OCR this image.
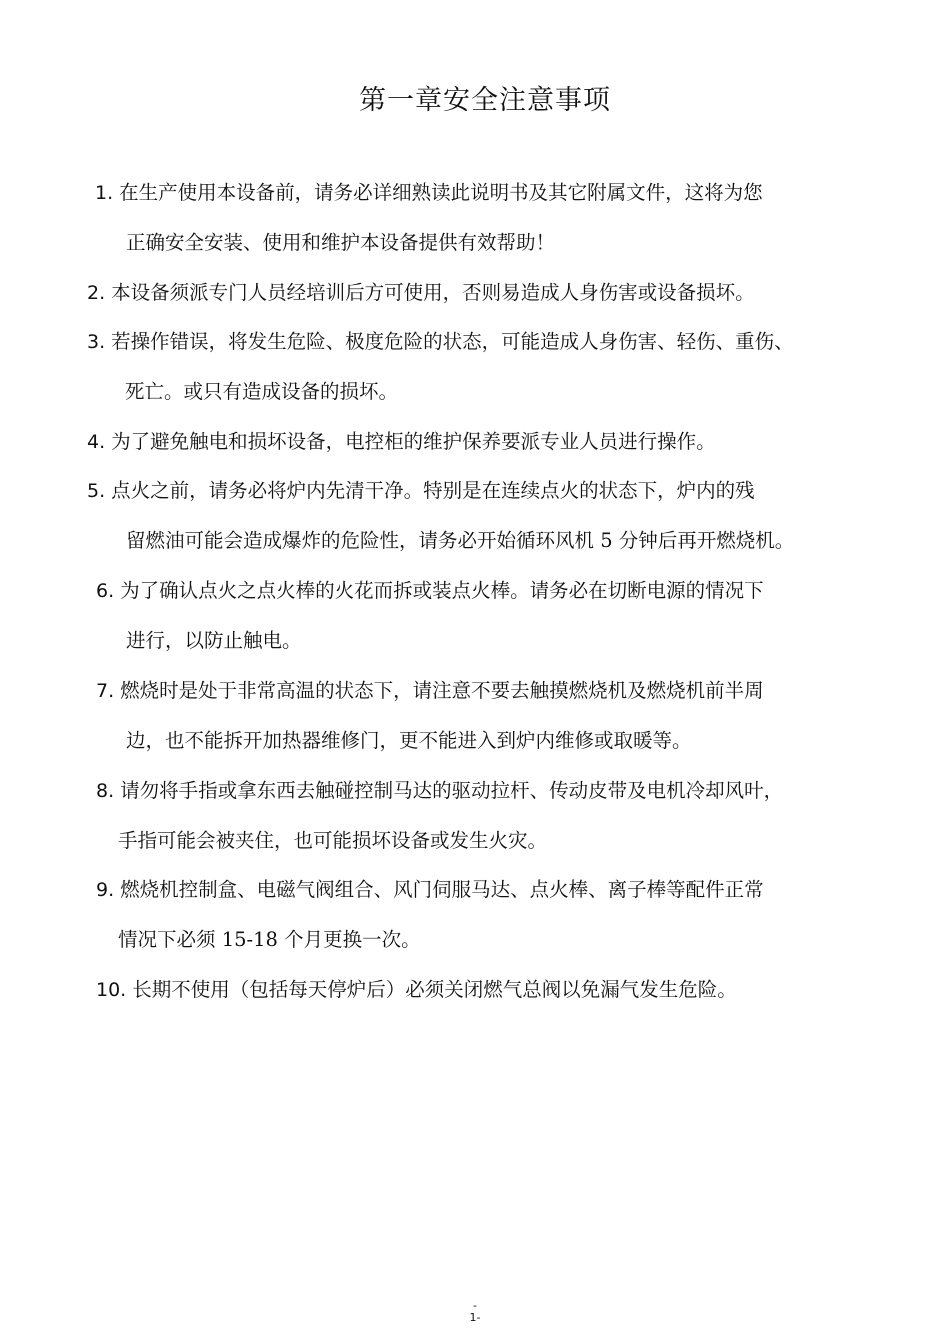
第一章安全注意事项
1. 在生产使用本设备前，请务必详细熟读此说明书及其它附属文件，这将为您
正确安全安装、使用和维护本设备提供有效帮助！
2. 本设备须派专门人员经培训后方可使用，否则易造成人身伤害或设备损坏。
3. 若操作错误，将发生危险、极度危险的状态，可能造成人身伤害、轻伤、重伤、
死亡。或只有造成设备的损坏。
4. 为了避免触电和损坏设备，电控柜的维护保养要派专业人员进行操作。
5. 点火之前，请务必将炉内先清干净。特别是在连续点火的状态下，炉内的残
留燃油可能会造成爆炸的危险性，请务必开始循环风机 5 分钟后再开燃烧机。
6. 为了确认点火之点火棒的火花而拆或装点火棒。请务必在切断电源的情况下
进行，以防止触电。
7. 燃烧时是处于非常高温的状态下，请注意不要去触摸燃烧机及燃烧机前半周
边，也不能拆开加热器维修门，更不能进入到炉内维修或取暖等。
8. 请勿将手指或拿东西去触碰控制马达的驱动拉杆、传动皮带及电机冷却风叶，
手指可能会被夹住，也可能损坏设备或发生火灾。
9. 燃烧机控制盒、电磁气阀组合、风门伺服马达、点火棒、离子棒等配件正常
情况下必须 15-18 个月更换一次。
10. 长期不使用（包括每天停炉后）必须关闭燃气总阀以免漏气发生危险。
-
1-
